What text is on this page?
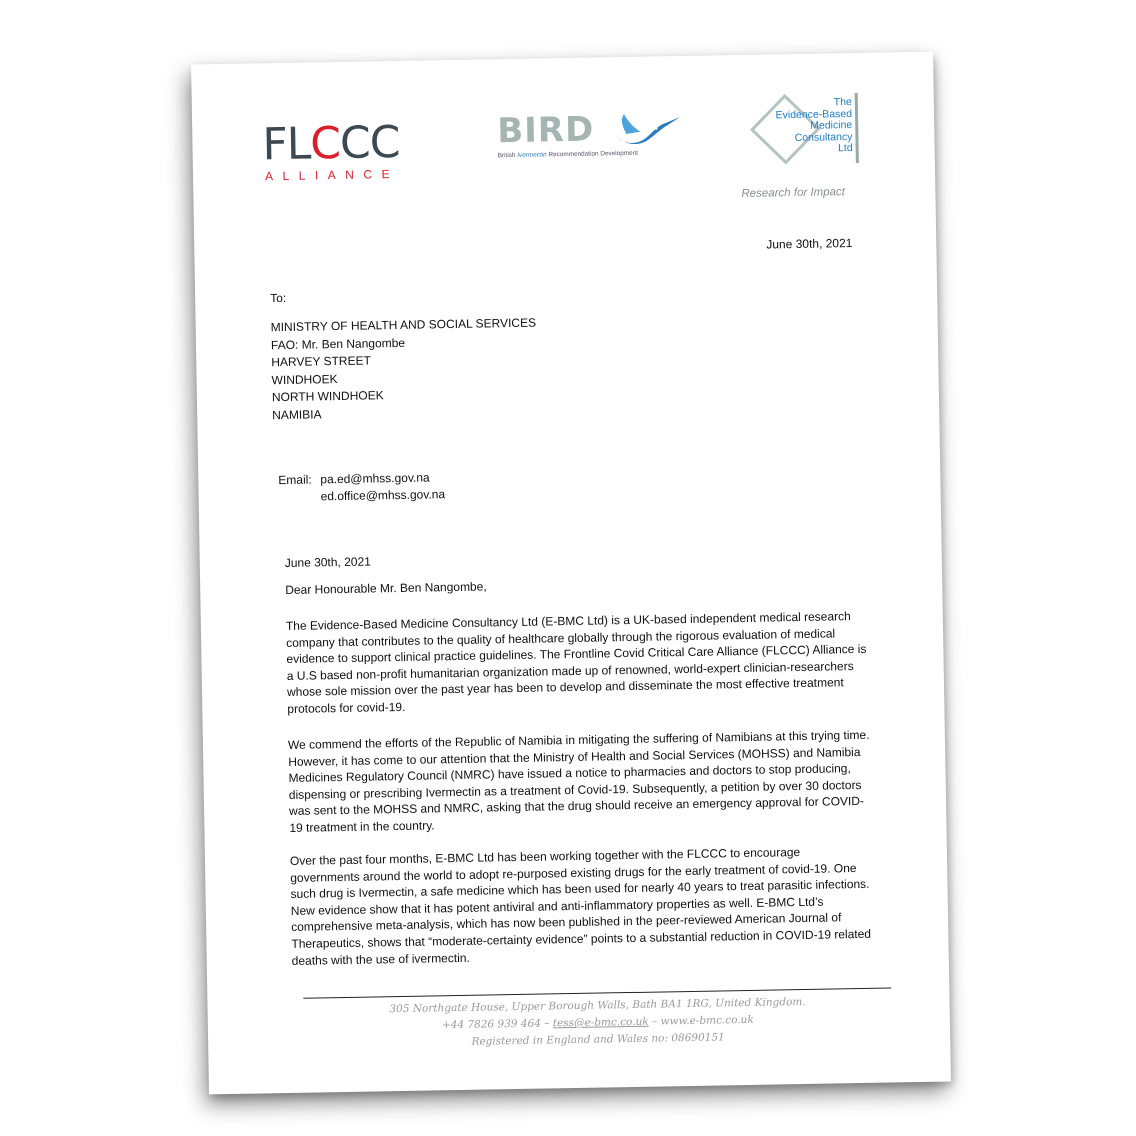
FLCCC
ALLIANCE
BIRD
British Ivermectin Recommendation Development
The
Evidence-Based
Medicine
Consultancy
Ltd
Research for Impact
June 30th, 2021
To:
MINISTRY OF HEALTH AND SOCIAL SERVICES
FAO: Mr. Ben Nangombe
HARVEY STREET
WINDHOEK
NORTH WINDHOEK
NAMIBIA
Email: pa.ed@mhss.gov.na
ed.office@mhss.gov.na
June 30th, 2021
Dear Honourable Mr. Ben Nangombe,
The Evidence-Based Medicine Consultancy Ltd (E-BMC Ltd) is a UK-based independent medical research company that contributes to the quality of healthcare globally through the rigorous evaluation of medical evidence to support clinical practice guidelines. The Frontline Covid Critical Care Alliance (FLCCC) Alliance is a U.S based non-profit humanitarian organization made up of renowned, world-expert clinician-researchers whose sole mission over the past year has been to develop and disseminate the most effective treatment protocols for covid-19.
We commend the efforts of the Republic of Namibia in mitigating the suffering of Namibians at this trying time. However, it has come to our attention that the Ministry of Health and Social Services (MOHSS) and Namibia Medicines Regulatory Council (NMRC) have issued a notice to pharmacies and doctors to stop producing, dispensing or prescribing Ivermectin as a treatment of Covid-19. Subsequently, a petition by over 30 doctors was sent to the MOHSS and NMRC, asking that the drug should receive an emergency approval for COVID-19 treatment in the country.
Over the past four months, E-BMC Ltd has been working together with the FLCCC to encourage governments around the world to adopt re-purposed existing drugs for the early treatment of covid-19. One such drug is Ivermectin, a safe medicine which has been used for nearly 40 years to treat parasitic infections. New evidence show that it has potent antiviral and anti-inflammatory properties as well. E-BMC Ltd’s comprehensive meta-analysis, which has now been published in the peer-reviewed American Journal of Therapeutics, shows that “moderate-certainty evidence” points to a substantial reduction in COVID-19 related deaths with the use of ivermectin.
305 Northgate House, Upper Borough Walls, Bath BA1 1RG, United Kingdom.
+44 7826 939 464 – tess@e-bmc.co.uk – www.e-bmc.co.uk
Registered in England and Wales no: 08690151
